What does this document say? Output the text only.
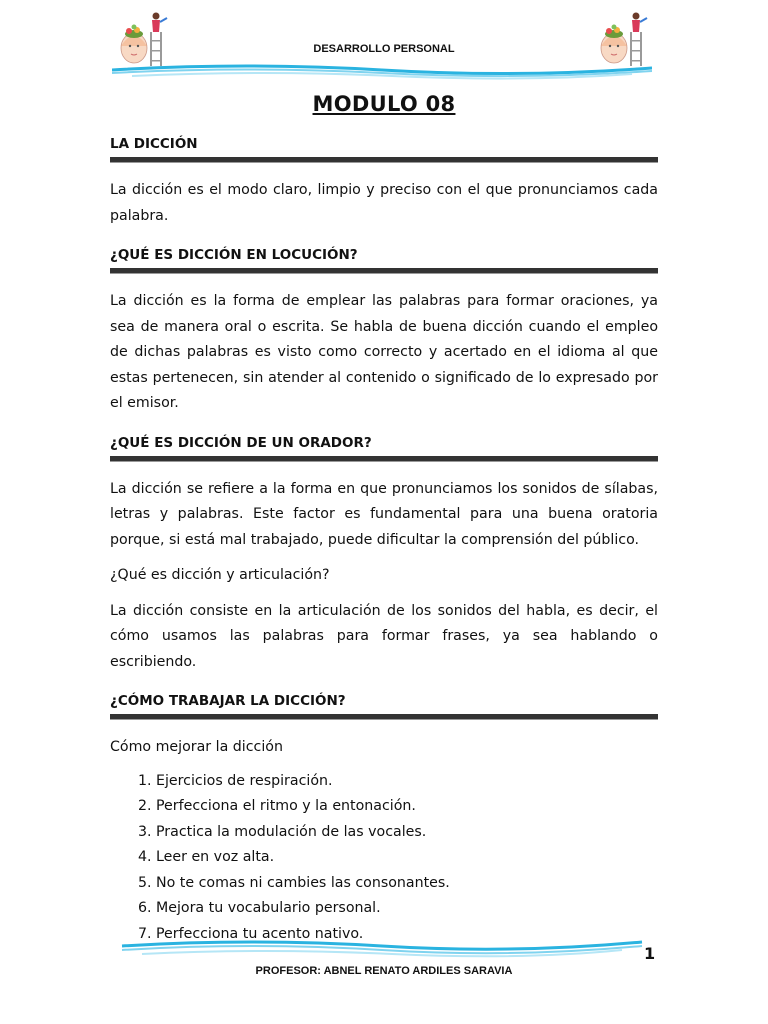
DESARROLLO PERSONAL
MODULO 08
LA DICCIÓN

La dicción es el modo claro, limpio y preciso con el que pronunciamos cada palabra.

¿QUÉ ES DICCIÓN EN LOCUCIÓN?

La dicción es la forma de emplear las palabras para formar oraciones, ya sea de manera oral o escrita. Se habla de buena dicción cuando el empleo de dichas palabras es visto como correcto y acertado en el idioma al que estas pertenecen, sin atender al contenido o significado de lo expresado por el emisor.

¿QUÉ ES DICCIÓN DE UN ORADOR?

La dicción se refiere a la forma en que pronunciamos los sonidos de sílabas, letras y palabras. Este factor es fundamental para una buena oratoria porque, si está mal trabajado, puede dificultar la comprensión del público.

¿Qué es dicción y articulación?

La dicción consiste en la articulación de los sonidos del habla, es decir, el cómo usamos las palabras para formar frases, ya sea hablando o escribiendo.

¿CÓMO TRABAJAR LA DICCIÓN?

Cómo mejorar la dicción

1. Ejercicios de respiración.
2. Perfecciona el ritmo y la entonación.
3. Practica la modulación de las vocales.
4. Leer en voz alta.
5. No te comas ni cambies las consonantes.
6. Mejora tu vocabulario personal.
7. Perfecciona tu acento nativo.
1
PROFESOR: ABNEL RENATO ARDILES SARAVIA
